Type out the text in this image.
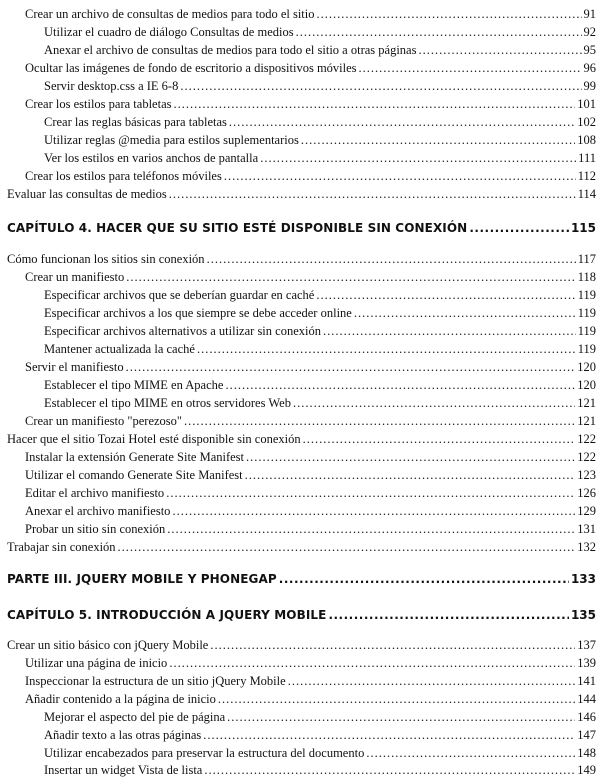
Crear un archivo de consultas de medios para todo el sitio .....	91
Utilizar el cuadro de diálogo Consultas de medios .....	92
Anexar el archivo de consultas de medios para todo el sitio a otras páginas .....	95
Ocultar las imágenes de fondo de escritorio a dispositivos móviles .....	96
Servir desktop.css a IE 6-8 .....	99
Crear los estilos para tabletas .....	101
Crear las reglas básicas para tabletas .....	102
Utilizar reglas @media para estilos suplementarios .....	108
Ver los estilos en varios anchos de pantalla .....	111
Crear los estilos para teléfonos móviles .....	112
Evaluar las consultas de medios .....	114
CAPÍTULO 4. HACER QUE SU SITIO ESTÉ DISPONIBLE SIN CONEXIÓN .....	115
Cómo funcionan los sitios sin conexión .....	117
Crear un manifiesto .....	118
Especificar archivos que se deberían guardar en caché .....	119
Especificar archivos a los que siempre se debe acceder online .....	119
Especificar archivos alternativos a utilizar sin conexión .....	119
Mantener actualizada la caché .....	119
Servir el manifiesto .....	120
Establecer el tipo MIME en Apache .....	120
Establecer el tipo MIME en otros servidores Web .....	121
Crear un manifiesto "perezoso" .....	121
Hacer que el sitio Tozai Hotel esté disponible sin conexión .....	122
Instalar la extensión Generate Site Manifest .....	122
Utilizar el comando Generate Site Manifest .....	123
Editar el archivo manifiesto .....	126
Anexar el archivo manifiesto .....	129
Probar un sitio sin conexión .....	131
Trabajar sin conexión .....	132
PARTE III. JQUERY MOBILE Y PHONEGAP .....	133
CAPÍTULO 5. INTRODUCCIÓN A JQUERY MOBILE .....	135
Crear un sitio básico con jQuery Mobile .....	137
Utilizar una página de inicio .....	139
Inspeccionar la estructura de un sitio jQuery Mobile .....	141
Añadir contenido a la página de inicio .....	144
Mejorar el aspecto del pie de página .....	146
Añadir texto a las otras páginas .....	147
Utilizar encabezados para preservar la estructura del documento .....	148
Insertar un widget Vista de lista .....	149
